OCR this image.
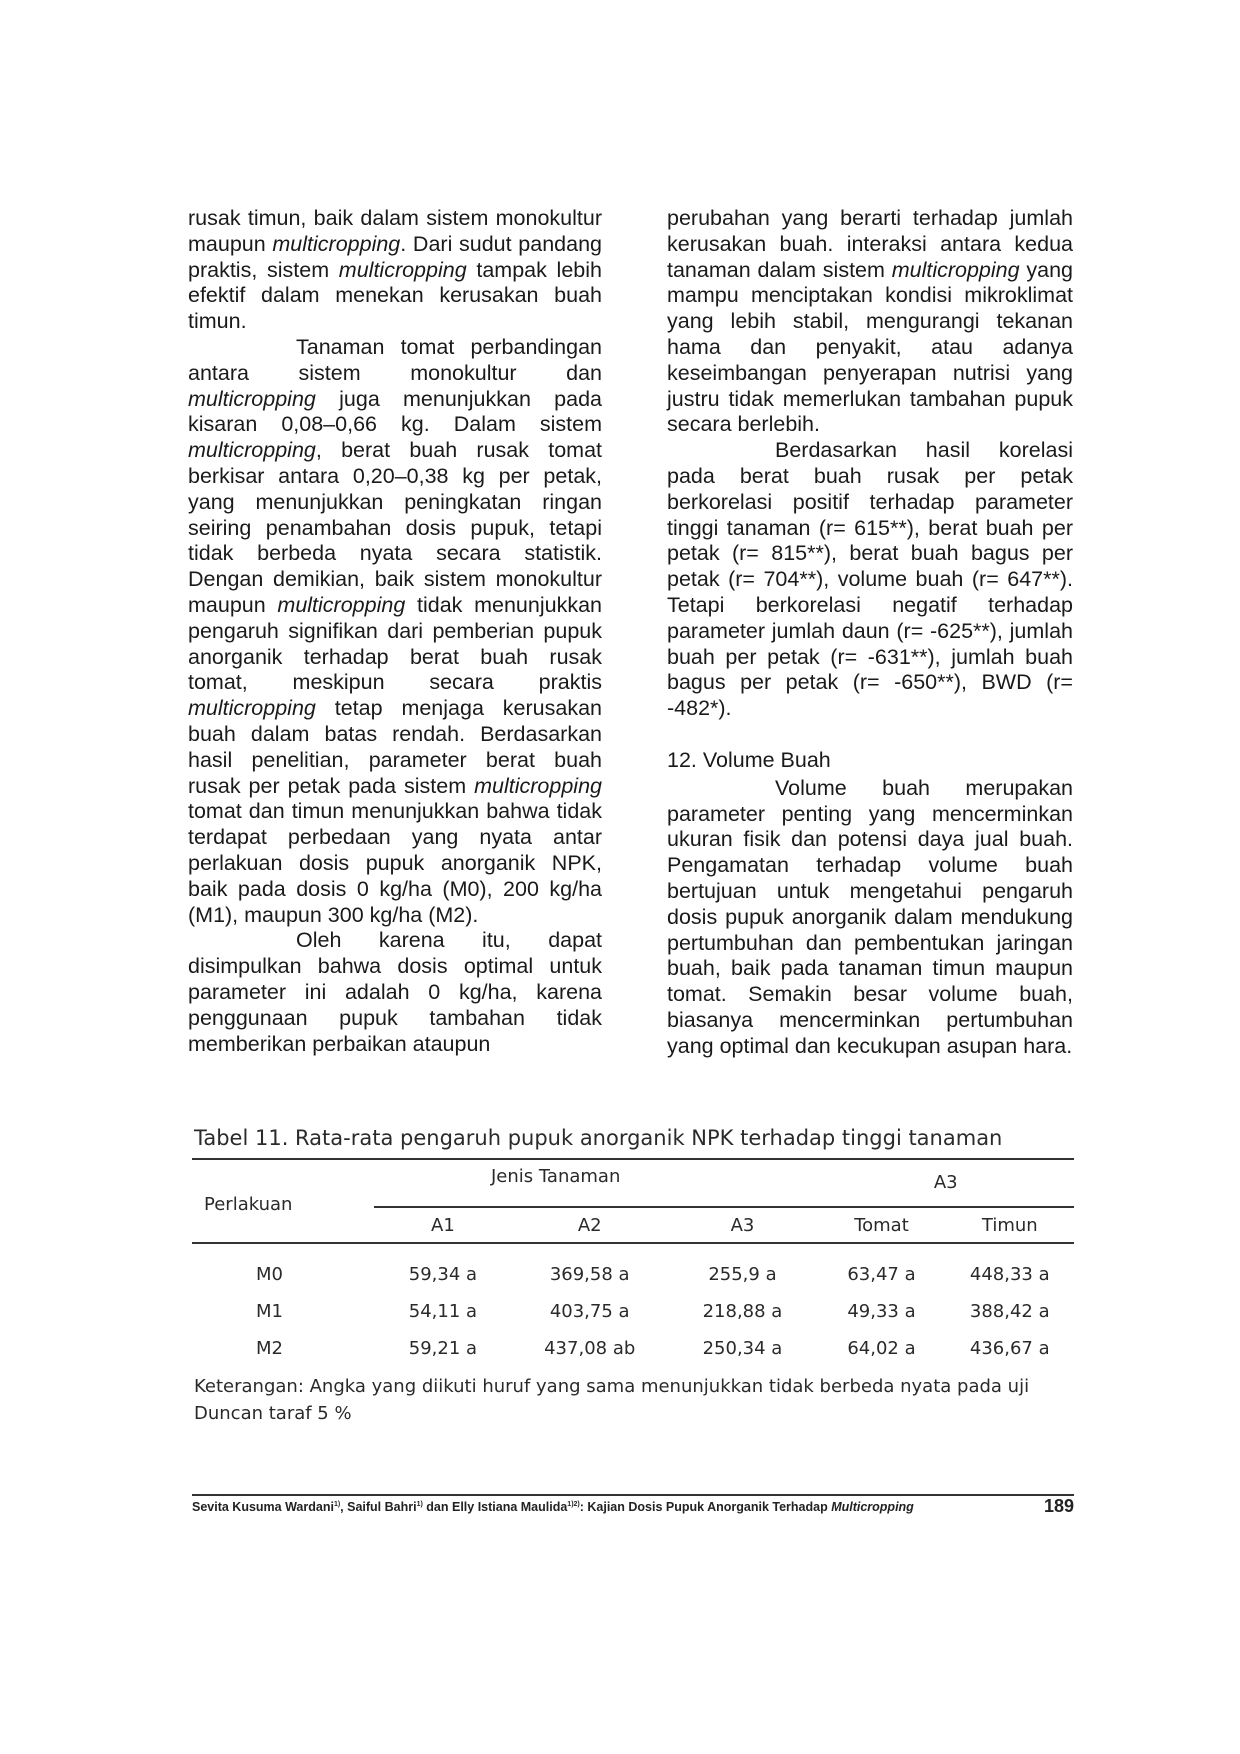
rusak timun, baik dalam sistem monokultur maupun multicropping. Dari sudut pandang praktis, sistem multicropping tampak lebih efektif dalam menekan kerusakan buah timun.

Tanaman tomat perbandingan antara sistem monokultur dan multicropping juga menunjukkan pada kisaran 0,08–0,66 kg. Dalam sistem multicropping, berat buah rusak tomat berkisar antara 0,20–0,38 kg per petak, yang menunjukkan peningkatan ringan seiring penambahan dosis pupuk, tetapi tidak berbeda nyata secara statistik. Dengan demikian, baik sistem monokultur maupun multicropping tidak menunjukkan pengaruh signifikan dari pemberian pupuk anorganik terhadap berat buah rusak tomat, meskipun secara praktis multicropping tetap menjaga kerusakan buah dalam batas rendah. Berdasarkan hasil penelitian, parameter berat buah rusak per petak pada sistem multicropping tomat dan timun menunjukkan bahwa tidak terdapat perbedaan yang nyata antar perlakuan dosis pupuk anorganik NPK, baik pada dosis 0 kg/ha (M0), 200 kg/ha (M1), maupun 300 kg/ha (M2).

Oleh karena itu, dapat disimpulkan bahwa dosis optimal untuk parameter ini adalah 0 kg/ha, karena penggunaan pupuk tambahan tidak memberikan perbaikan ataupun

perubahan yang berarti terhadap jumlah kerusakan buah. interaksi antara kedua tanaman dalam sistem multicropping yang mampu menciptakan kondisi mikroklimat yang lebih stabil, mengurangi tekanan hama dan penyakit, atau adanya keseimbangan penyerapan nutrisi yang justru tidak memerlukan tambahan pupuk secara berlebih.

Berdasarkan hasil korelasi pada berat buah rusak per petak berkorelasi positif terhadap parameter tinggi tanaman (r= 615**), berat buah per petak (r= 815**), berat buah bagus per petak (r= 704**), volume buah (r= 647**). Tetapi berkorelasi negatif terhadap parameter jumlah daun (r= -625**), jumlah buah per petak (r= -631**), jumlah buah bagus per petak (r= -650**), BWD (r= -482*).

12. Volume Buah

Volume buah merupakan parameter penting yang mencerminkan ukuran fisik dan potensi daya jual buah. Pengamatan terhadap volume buah bertujuan untuk mengetahui pengaruh dosis pupuk anorganik dalam mendukung pertumbuhan dan pembentukan jaringan buah, baik pada tanaman timun maupun tomat. Semakin besar volume buah, biasanya mencerminkan pertumbuhan yang optimal dan kecukupan asupan hara.

Tabel 11. Rata-rata pengaruh pupuk anorganik NPK terhadap tinggi tanaman
Perlakuan		Jenis Tanaman			A3	
		A1	A2	A3	Tomat	Timun
M0		59,34 a	369,58 a	255,9 a	63,47 a	448,33 a
M1		54,11 a	403,75 a	218,88 a	49,33 a	388,42 a
M2		59,21 a	437,08 ab	250,34 a	64,02 a	436,67 a
Keterangan: Angka yang diikuti huruf yang sama menunjukkan tidak berbeda nyata pada uji Duncan taraf 5 %
Sevita Kusuma Wardani$^{1)}$, Saiful Bahri$^{1)}$ dan Elly Istiana Maulida$^{1)2)}$: Kajian Dosis Pupuk Anorganik Terhadap Multicropping	189
